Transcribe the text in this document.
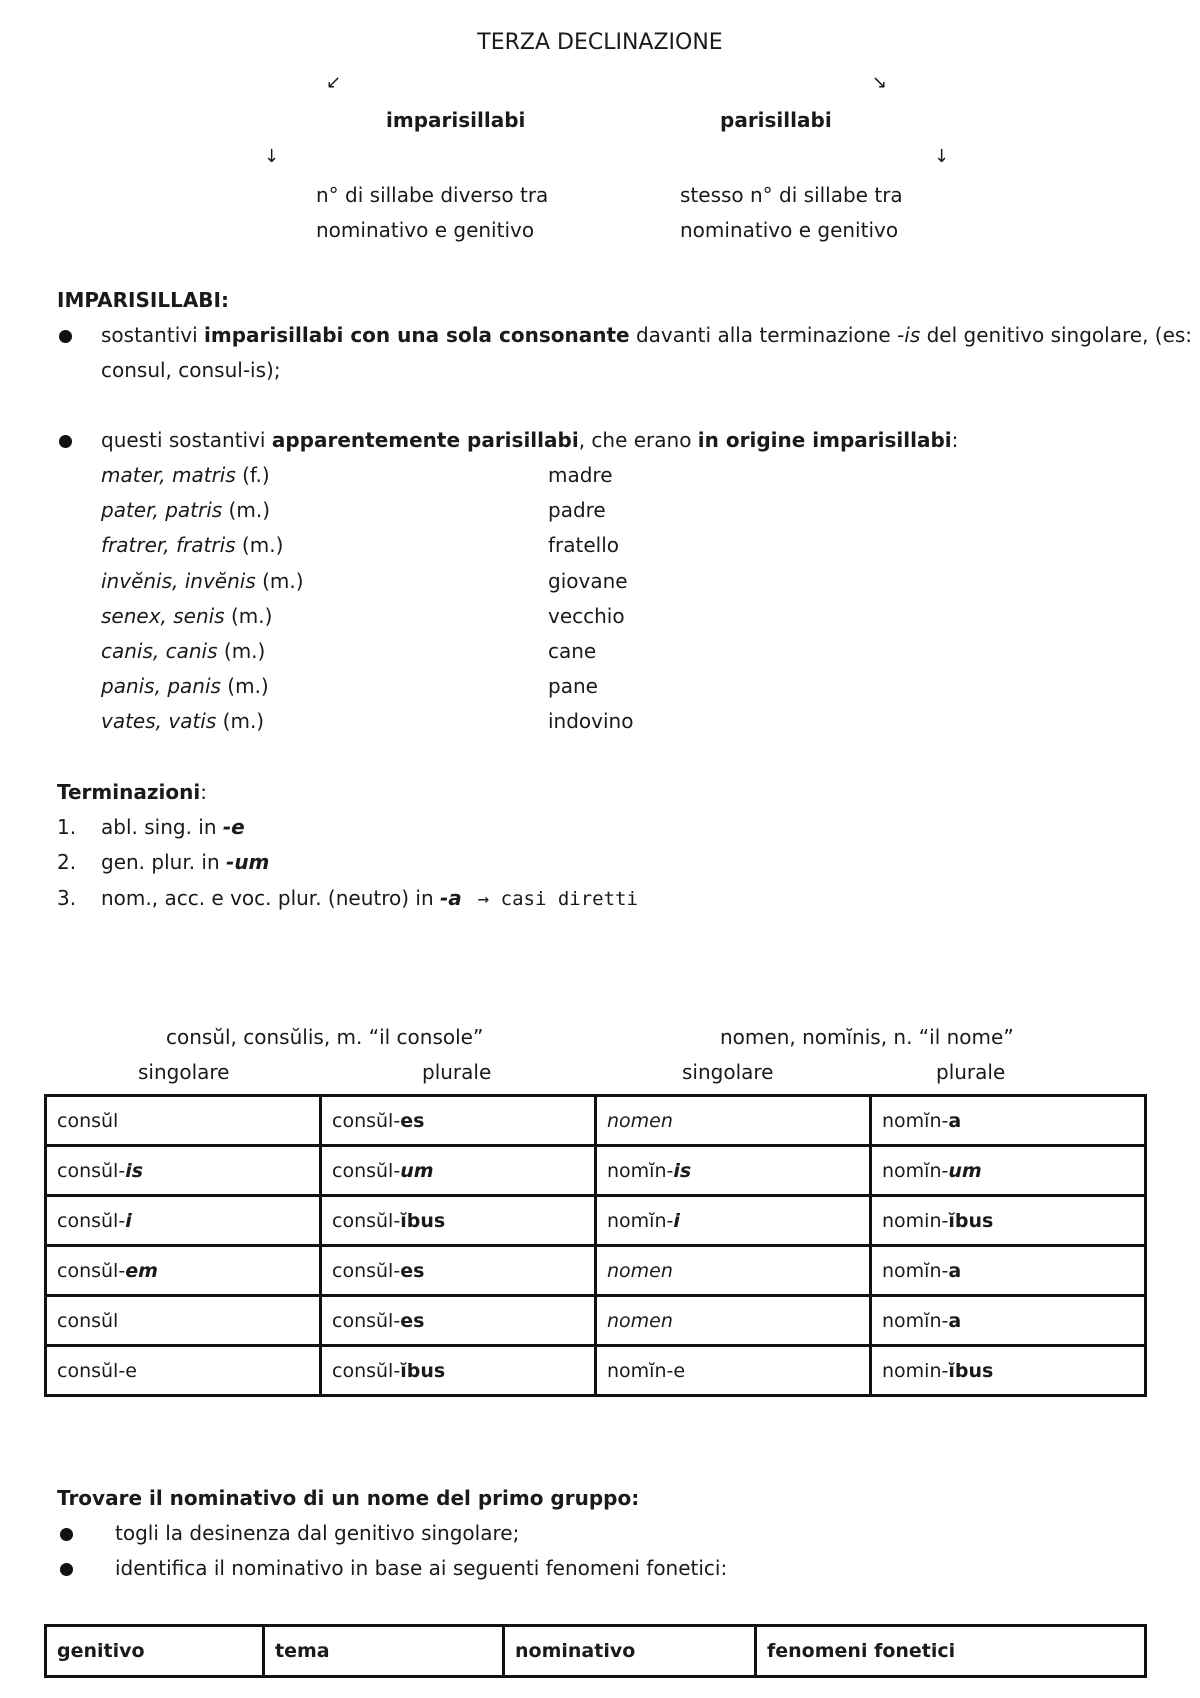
TERZA DECLINAZIONE
↙	↘
imparisillabi	parisillabi
↓	↓
n° di sillabe diverso tra
nominativo e genitivo
stesso n° di sillabe tra
nominativo e genitivo
IMPARISILLABI:
sostantivi imparisillabi con una sola consonante davanti alla terminazione -is del genitivo singolare, (es:
consul, consul-is);
questi sostantivi apparentemente parisillabi, che erano in origine imparisillabi:
mater, matris (f.)	madre
pater, patris (m.)	padre
fratrer, fratris (m.)	fratello
invĕnis, invĕnis (m.)	giovane
senex, senis (m.)	vecchio
canis, canis (m.)	cane
panis, panis (m.)	pane
vates, vatis (m.)	indovino
Terminazioni:
1. abl. sing. in -e
2. gen. plur. in -um
3. nom., acc. e voc. plur. (neutro) in -a → casi diretti
consŭl, consŭlis, m. “il console”	nomen, nomĭnis, n. “il nome”
singolare	plurale	singolare	plurale
consŭl	consŭl-es	nomen	nomĭn-a
consŭl-is	consŭl-um	nomĭn-is	nomĭn-um
consŭl-i	consŭl-ĭbus	nomĭn-i	nomin-ĭbus
consŭl-em	consŭl-es	nomen	nomĭn-a
consŭl	consŭl-es	nomen	nomĭn-a
consŭl-e	consŭl-ĭbus	nomĭn-e	nomin-ĭbus
Trovare il nominativo di un nome del primo gruppo:
togli la desinenza dal genitivo singolare;
identifica il nominativo in base ai seguenti fenomeni fonetici:
genitivo	tema	nominativo	fenomeni fonetici
